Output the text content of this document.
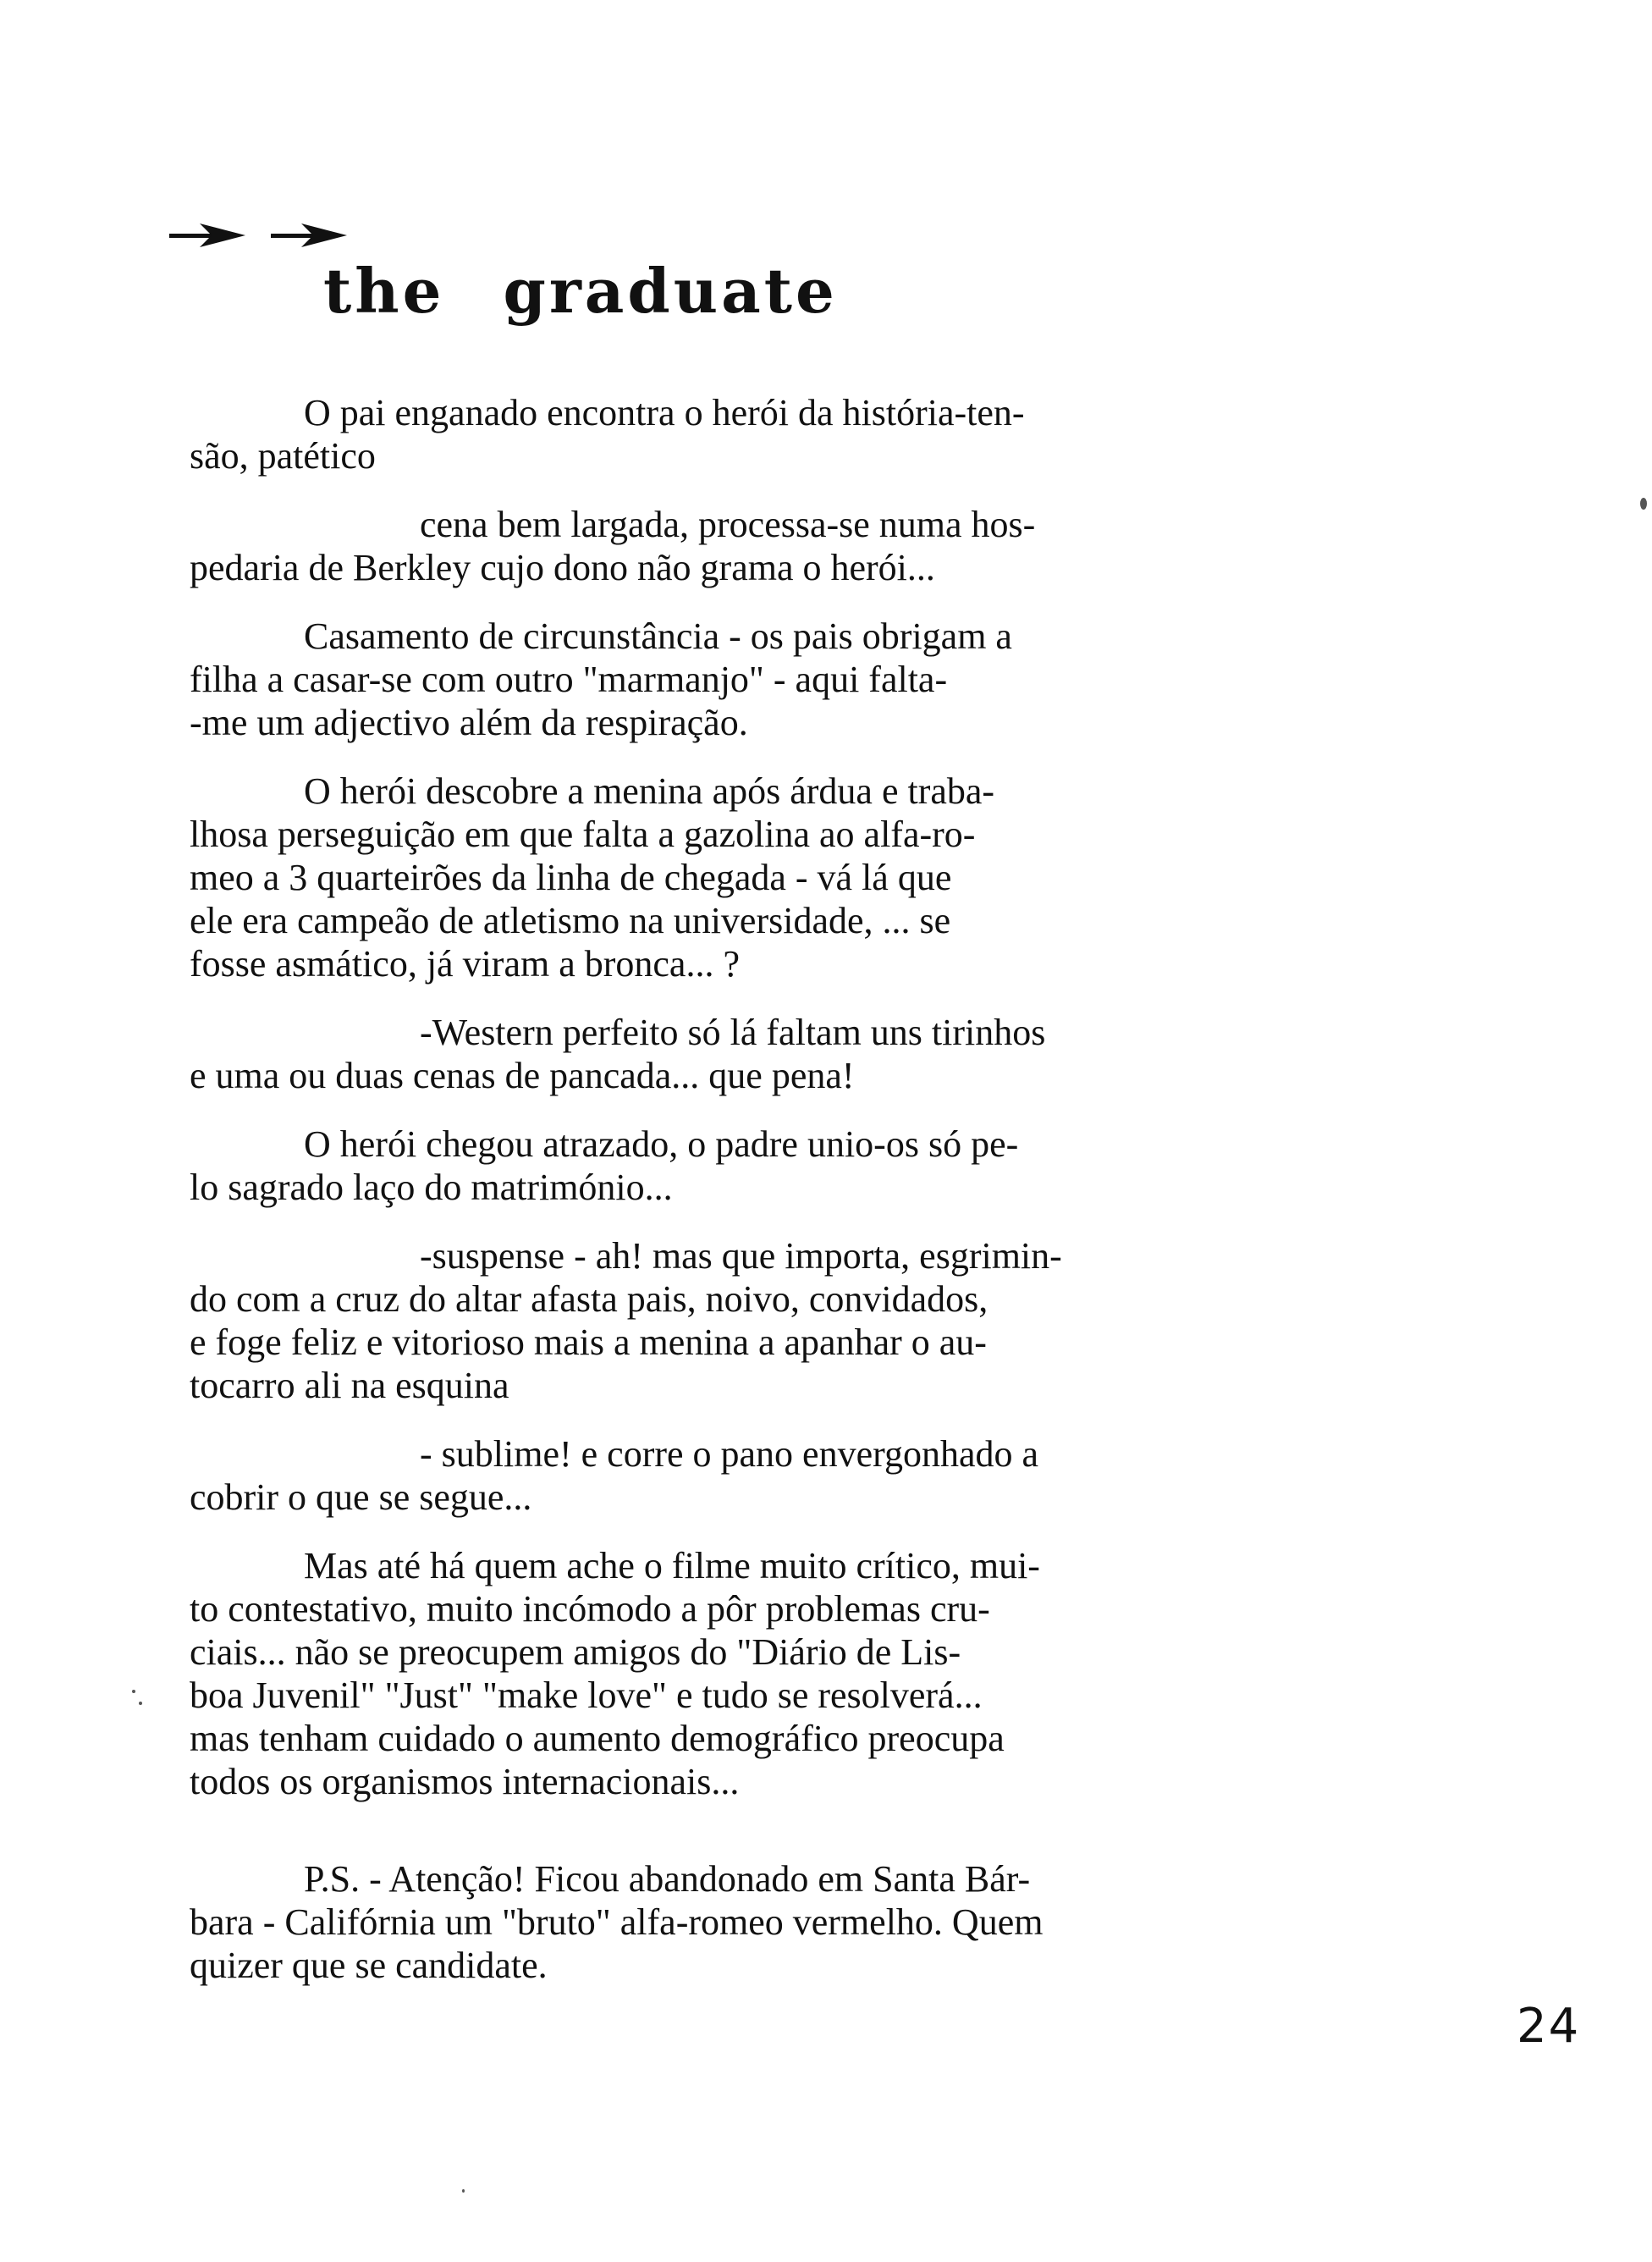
the graduate

O pai enganado encontra o herói da história-ten-
são, patético

cena bem largada, processa-se numa hos-
pedaria de Berkley cujo dono não grama o herói...

Casamento de circunstância - os pais obrigam a
filha a casar-se com outro "marmanjo" - aqui falta-
-me um adjectivo além da respiração.

O herói descobre a menina após árdua e traba-
lhosa perseguição em que falta a gazolina ao alfa-ro-
meo a 3 quarteirões da linha de chegada - vá lá que
ele era campeão de atletismo na universidade, ... se
fosse asmático, já viram a bronca... ?

-Western perfeito só lá faltam uns tirinhos
e uma ou duas cenas de pancada... que pena!

O herói chegou atrazado, o padre unio-os só pe-
lo sagrado laço do matrimónio...

-suspense - ah! mas que importa, esgrimin-
do com a cruz do altar afasta pais, noivo, convidados,
e foge feliz e vitorioso mais a menina a apanhar o au-
tocarro ali na esquina

- sublime! e corre o pano envergonhado a
cobrir o que se segue...

Mas até há quem ache o filme muito crítico, mui-
to contestativo, muito incómodo a pôr problemas cru-
ciais... não se preocupem amigos do "Diário de Lis-
boa Juvenil" "Just" "make love" e tudo se resolverá...
mas tenham cuidado o aumento demográfico preocupa
todos os organismos internacionais...

P.S. - Atenção! Ficou abandonado em Santa Bár-
bara - Califórnia um "bruto" alfa-romeo vermelho. Quem
quizer que se candidate.

24
